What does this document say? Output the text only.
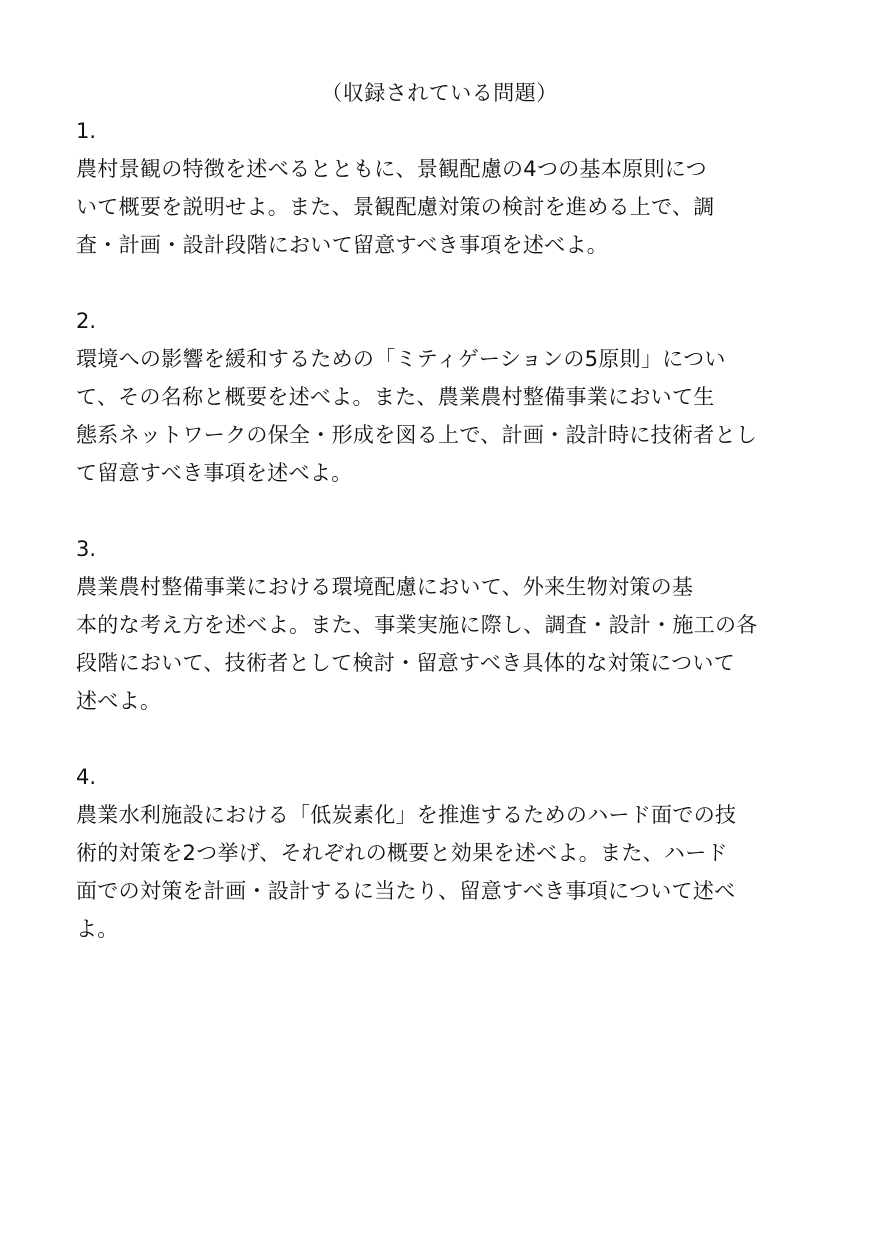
（収録されている問題）
1.
農村景観の特徴を述べるとともに、景観配慮の4つの基本原則につ
いて概要を説明せよ。また、景観配慮対策の検討を進める上で、調
査・計画・設計段階において留意すべき事項を述べよ。
2.
環境への影響を緩和するための「ミティゲーションの5原則」につい
て、その名称と概要を述べよ。また、農業農村整備事業において生
態系ネットワークの保全・形成を図る上で、計画・設計時に技術者とし
て留意すべき事項を述べよ。
3.
農業農村整備事業における環境配慮において、外来生物対策の基
本的な考え方を述べよ。また、事業実施に際し、調査・設計・施工の各
段階において、技術者として検討・留意すべき具体的な対策について
述べよ。
4.
農業水利施設における「低炭素化」を推進するためのハード面での技
術的対策を2つ挙げ、それぞれの概要と効果を述べよ。また、ハード
面での対策を計画・設計するに当たり、留意すべき事項について述べ
よ。
